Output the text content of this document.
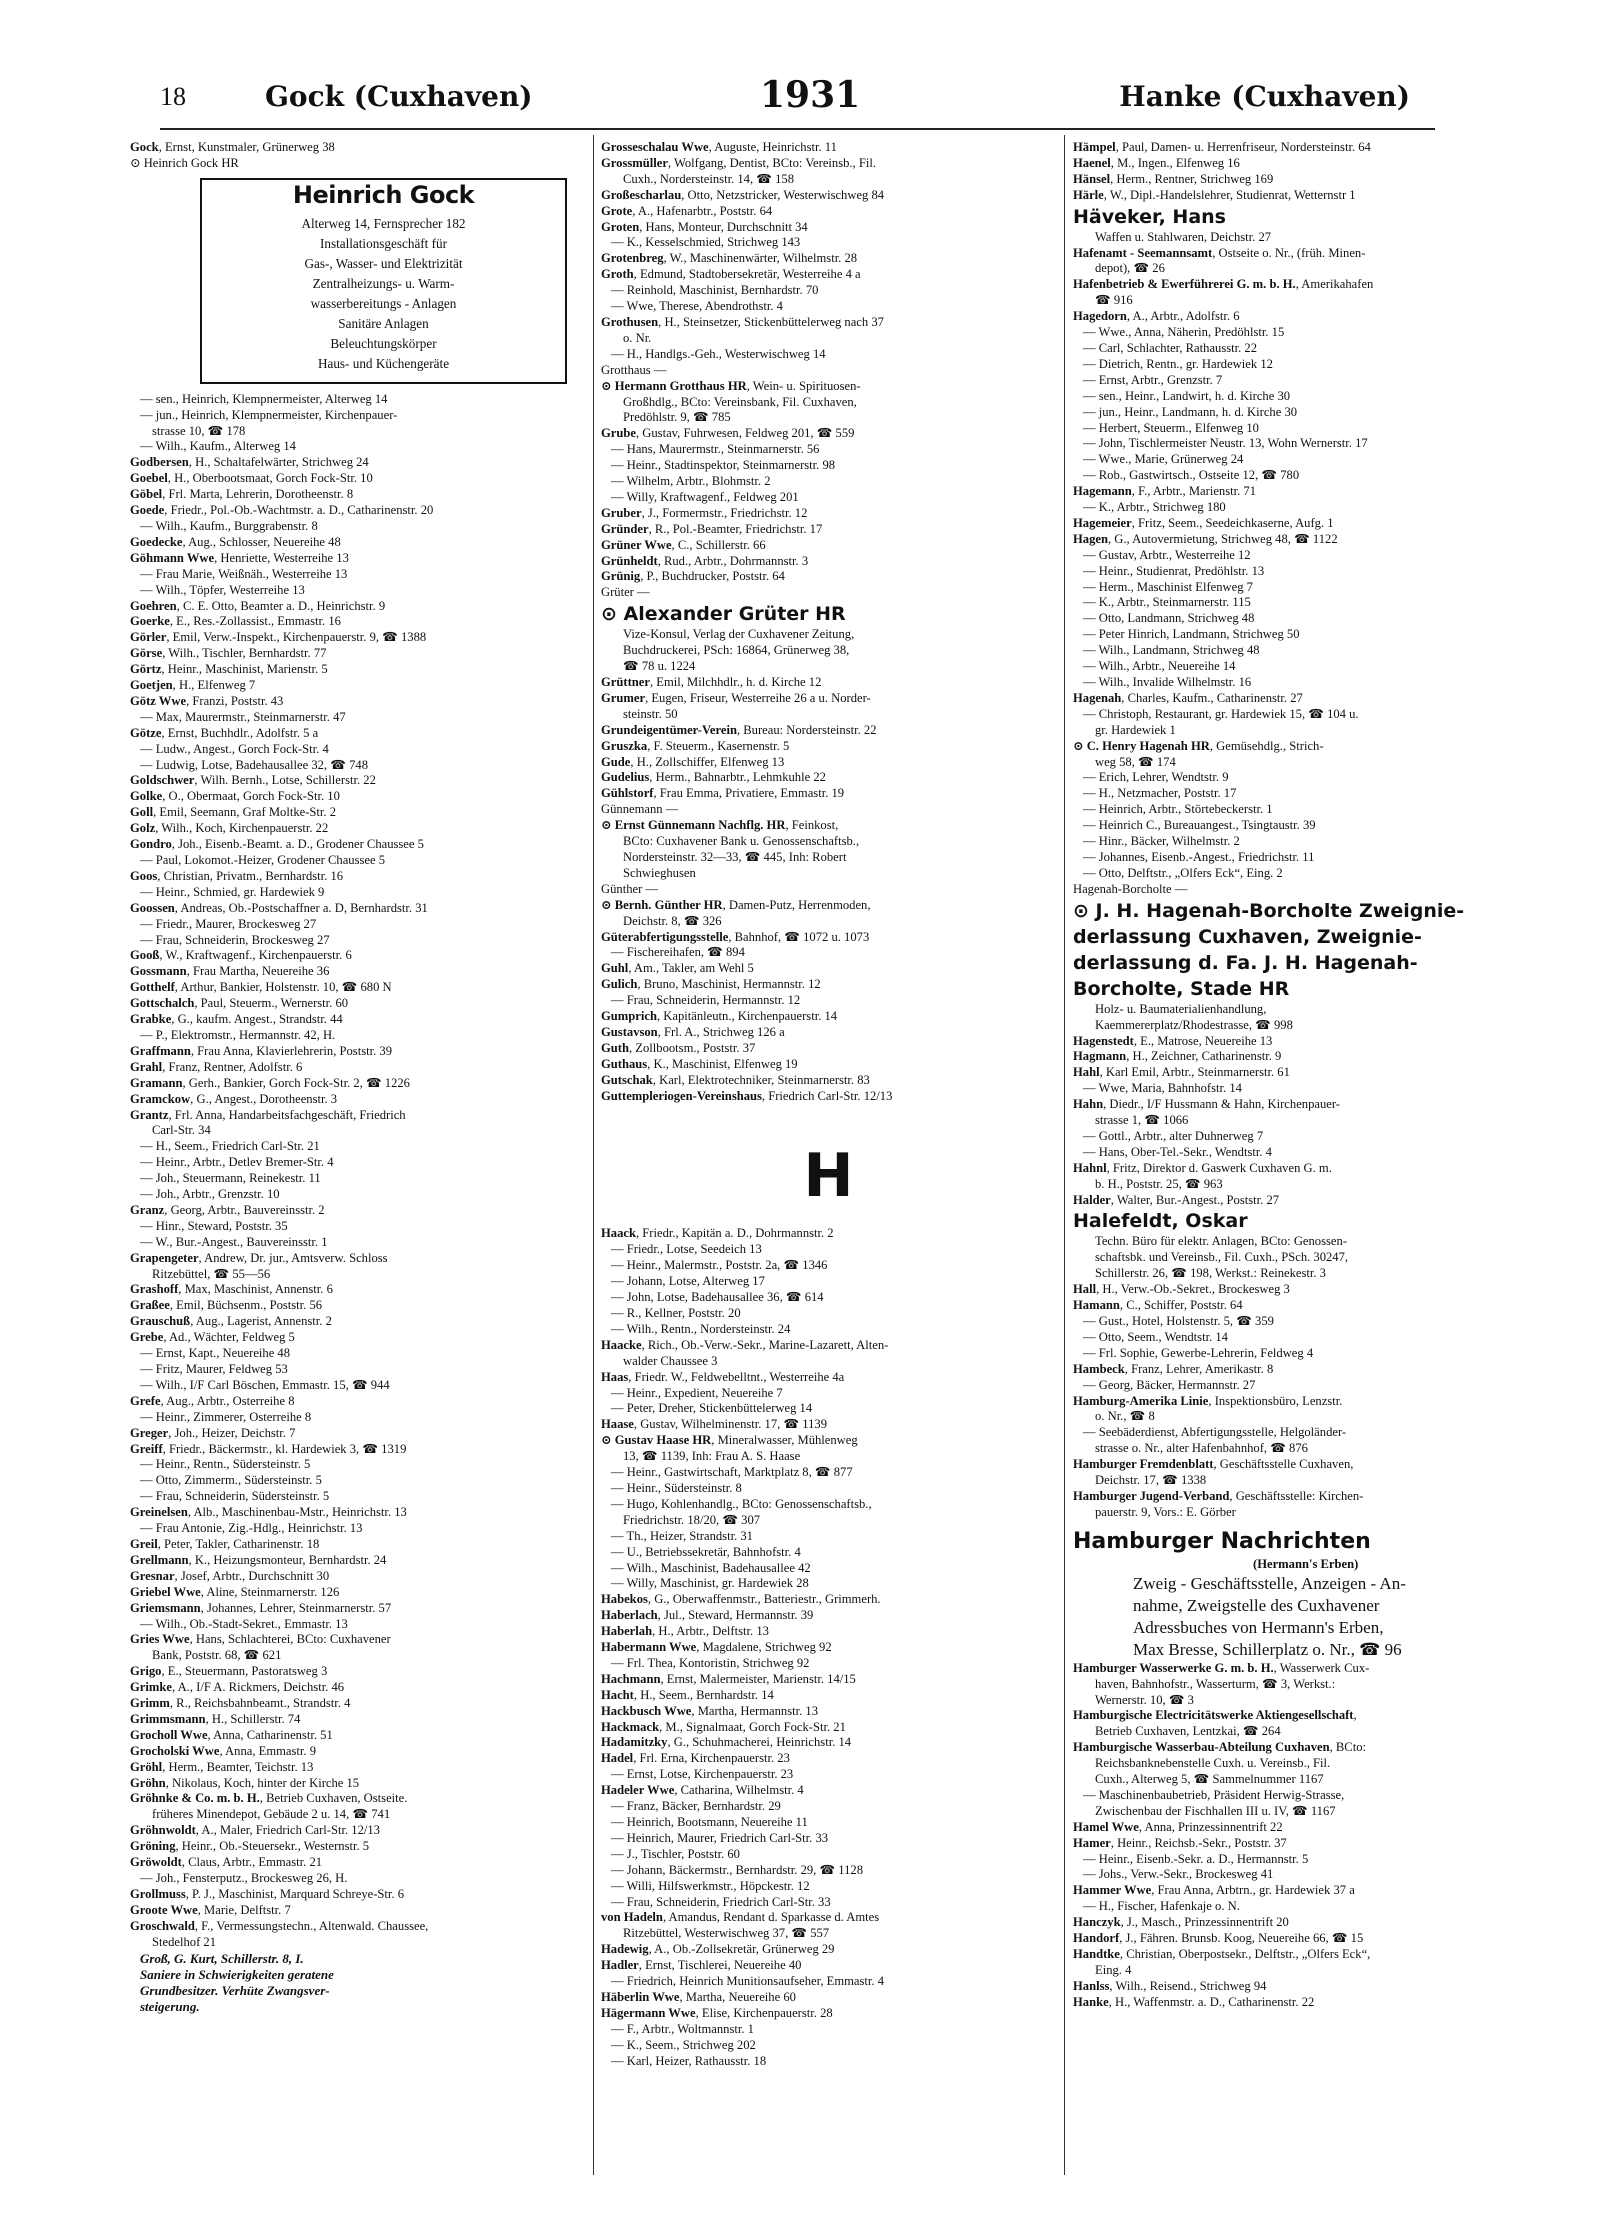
18	Gock (Cuxhaven)	1931	Hanke (Cuxhaven)
Gock, Ernst, Kunstmaler, Grünerweg 38
⊙ Heinrich Gock HR
Heinrich Gock
Alterweg 14, Fernsprecher 182
Installationsgeschäft für
Gas-, Wasser- und Elektrizität
Zentralheizungs- u. Warm-
wasserbereitungs - Anlagen
Sanitäre Anlagen
Beleuchtungskörper
Haus- und Küchengeräte
— sen., Heinrich, Klempnermeister, Alterweg 14
— jun., Heinrich, Klempnermeister, Kirchenpauer-
strasse 10, ☎ 178
— Wilh., Kaufm., Alterweg 14
Godbersen, H., Schaltafelwärter, Strichweg 24
Goebel, H., Oberbootsmaat, Gorch Fock-Str. 10
Göbel, Frl. Marta, Lehrerin, Dorotheenstr. 8
Goede, Friedr., Pol.-Ob.-Wachtmstr. a. D., Catharinenstr. 20
— Wilh., Kaufm., Burggrabenstr. 8
Goedecke, Aug., Schlosser, Neuereihe 48
Göhmann Wwe, Henriette, Westerreihe 13
— Frau Marie, Weißnäh., Westerreihe 13
— Wilh., Töpfer, Westerreihe 13
Goehren, C. E. Otto, Beamter a. D., Heinrichstr. 9
Goerke, E., Res.-Zollassist., Emmastr. 16
Görler, Emil, Verw.-Inspekt., Kirchenpauerstr. 9, ☎ 1388
Görse, Wilh., Tischler, Bernhardstr. 77
Görtz, Heinr., Maschinist, Marienstr. 5
Goetjen, H., Elfenweg 7
Götz Wwe, Franzi, Poststr. 43
— Max, Maurermstr., Steinmarnerstr. 47
Götze, Ernst, Buchhdlr., Adolfstr. 5 a
— Ludw., Angest., Gorch Fock-Str. 4
— Ludwig, Lotse, Badehausallee 32, ☎ 748
Goldschwer, Wilh. Bernh., Lotse, Schillerstr. 22
Golke, O., Obermaat, Gorch Fock-Str. 10
Goll, Emil, Seemann, Graf Moltke-Str. 2
Golz, Wilh., Koch, Kirchenpauerstr. 22
Gondro, Joh., Eisenb.-Beamt. a. D., Grodener Chaussee 5
— Paul, Lokomot.-Heizer, Grodener Chaussee 5
Goos, Christian, Privatm., Bernhardstr. 16
— Heinr., Schmied, gr. Hardewiek 9
Goossen, Andreas, Ob.-Postschaffner a. D, Bernhardstr. 31
— Friedr., Maurer, Brockesweg 27
— Frau, Schneiderin, Brockesweg 27
Gooß, W., Kraftwagenf., Kirchenpauerstr. 6
Gossmann, Frau Martha, Neuereihe 36
Gotthelf, Arthur, Bankier, Holstenstr. 10, ☎ 680 N
Gottschalch, Paul, Steuerm., Wernerstr. 60
Grabke, G., kaufm. Angest., Strandstr. 44
— P., Elektromstr., Hermannstr. 42, H.
Graffmann, Frau Anna, Klavierlehrerin, Poststr. 39
Grahl, Franz, Rentner, Adolfstr. 6
Gramann, Gerh., Bankier, Gorch Fock-Str. 2, ☎ 1226
Gramckow, G., Angest., Dorotheenstr. 3
Grantz, Frl. Anna, Handarbeitsfachgeschäft, Friedrich
Carl-Str. 34
— H., Seem., Friedrich Carl-Str. 21
— Heinr., Arbtr., Detlev Bremer-Str. 4
— Joh., Steuermann, Reinekestr. 11
— Joh., Arbtr., Grenzstr. 10
Granz, Georg, Arbtr., Bauvereinsstr. 2
— Hinr., Steward, Poststr. 35
— W., Bur.-Angest., Bauvereinsstr. 1
Grapengeter, Andrew, Dr. jur., Amtsverw. Schloss
Ritzebüttel, ☎ 55—56
Grashoff, Max, Maschinist, Annenstr. 6
Graßee, Emil, Büchsenm., Poststr. 56
Grauschuß, Aug., Lagerist, Annenstr. 2
Grebe, Ad., Wächter, Feldweg 5
— Ernst, Kapt., Neuereihe 48
— Fritz, Maurer, Feldweg 53
— Wilh., I/F Carl Böschen, Emmastr. 15, ☎ 944
Grefe, Aug., Arbtr., Osterreihe 8
— Heinr., Zimmerer, Osterreihe 8
Greger, Joh., Heizer, Deichstr. 7
Greiff, Friedr., Bäckermstr., kl. Hardewiek 3, ☎ 1319
— Heinr., Rentn., Südersteinstr. 5
— Otto, Zimmerm., Südersteinstr. 5
— Frau, Schneiderin, Südersteinstr. 5
Greinelsen, Alb., Maschinenbau-Mstr., Heinrichstr. 13
— Frau Antonie, Zig.-Hdlg., Heinrichstr. 13
Greil, Peter, Takler, Catharinenstr. 18
Grellmann, K., Heizungsmonteur, Bernhardstr. 24
Gresnar, Josef, Arbtr., Durchschnitt 30
Griebel Wwe, Aline, Steinmarnerstr. 126
Griemsmann, Johannes, Lehrer, Steinmarnerstr. 57
— Wilh., Ob.-Stadt-Sekret., Emmastr. 13
Gries Wwe, Hans, Schlachterei, BCto: Cuxhavener
Bank, Poststr. 68, ☎ 621
Grigo, E., Steuermann, Pastoratsweg 3
Grimke, A., I/F A. Rickmers, Deichstr. 46
Grimm, R., Reichsbahnbeamt., Strandstr. 4
Grimmsmann, H., Schillerstr. 74
Grocholl Wwe, Anna, Catharinenstr. 51
Grocholski Wwe, Anna, Emmastr. 9
Gröhl, Herm., Beamter, Teichstr. 13
Gröhn, Nikolaus, Koch, hinter der Kirche 15
Gröhnke & Co. m. b. H., Betrieb Cuxhaven, Ostseite.
früheres Minendepot, Gebäude 2 u. 14, ☎ 741
Gröhnwoldt, A., Maler, Friedrich Carl-Str. 12/13
Gröning, Heinr., Ob.-Steuersekr., Westernstr. 5
Gröwoldt, Claus, Arbtr., Emmastr. 21
— Joh., Fensterputz., Brockesweg 26, H.
Grollmuss, P. J., Maschinist, Marquard Schreye-Str. 6
Groote Wwe, Marie, Delftstr. 7
Groschwald, F., Vermessungstechn., Altenwald. Chaussee,
Stedelhof 21
Groß, G. Kurt, Schillerstr. 8, I.
Saniere in Schwierigkeiten geratene
Grundbesitzer. Verhüte Zwangsver-
steigerung.
Grosseschalau Wwe, Auguste, Heinrichstr. 11
Grossmüller, Wolfgang, Dentist, BCto: Vereinsb., Fil.
Cuxh., Nordersteinstr. 14, ☎ 158
Großescharlau, Otto, Netzstricker, Westerwischweg 84
Grote, A., Hafenarbtr., Poststr. 64
Groten, Hans, Monteur, Durchschnitt 34
— K., Kesselschmied, Strichweg 143
Grotenbreg, W., Maschinenwärter, Wilhelmstr. 28
Groth, Edmund, Stadtobersekretär, Westerreihe 4 a
— Reinhold, Maschinist, Bernhardstr. 70
— Wwe, Therese, Abendrothstr. 4
Grothusen, H., Steinsetzer, Stickenbüttelerweg nach 37
o. Nr.
— H., Handlgs.-Geh., Westerwischweg 14
Grotthaus —
⊙ Hermann Grotthaus HR, Wein- u. Spirituosen-
Großhdlg., BCto: Vereinsbank, Fil. Cuxhaven,
Predöhlstr. 9, ☎ 785
Grube, Gustav, Fuhrwesen, Feldweg 201, ☎ 559
— Hans, Maurermstr., Steinmarnerstr. 56
— Heinr., Stadtinspektor, Steinmarnerstr. 98
— Wilhelm, Arbtr., Blohmstr. 2
— Willy, Kraftwagenf., Feldweg 201
Gruber, J., Formermstr., Friedrichstr. 12
Gründer, R., Pol.-Beamter, Friedrichstr. 17
Grüner Wwe, C., Schillerstr. 66
Grünheldt, Rud., Arbtr., Dohrmannstr. 3
Grünig, P., Buchdrucker, Poststr. 64
Grüter —
⊙ Alexander Grüter HR
Vize-Konsul, Verlag der Cuxhavener Zeitung,
Buchdruckerei, PSch: 16864, Grünerweg 38,
☎ 78 u. 1224
Grüttner, Emil, Milchhdlr., h. d. Kirche 12
Grumer, Eugen, Friseur, Westerreihe 26 a u. Norder-
steinstr. 50
Grundeigentümer-Verein, Bureau: Nordersteinstr. 22
Gruszka, F. Steuerm., Kasernenstr. 5
Gude, H., Zollschiffer, Elfenweg 13
Gudelius, Herm., Bahnarbtr., Lehmkuhle 22
Gühlstorf, Frau Emma, Privatiere, Emmastr. 19
Günnemann —
⊙ Ernst Günnemann Nachflg. HR, Feinkost,
BCto: Cuxhavener Bank u. Genossenschaftsb.,
Nordersteinstr. 32—33, ☎ 445, Inh: Robert
Schwieghusen
Günther —
⊙ Bernh. Günther HR, Damen-Putz, Herrenmoden,
Deichstr. 8, ☎ 326
Güterabfertigungsstelle, Bahnhof, ☎ 1072 u. 1073
— Fischereihafen, ☎ 894
Guhl, Am., Takler, am Wehl 5
Gulich, Bruno, Maschinist, Hermannstr. 12
— Frau, Schneiderin, Hermannstr. 12
Gumprich, Kapitänleutn., Kirchenpauerstr. 14
Gustavson, Frl. A., Strichweg 126 a
Guth, Zollbootsm., Poststr. 37
Guthaus, K., Maschinist, Elfenweg 19
Gutschak, Karl, Elektrotechniker, Steinmarnerstr. 83
Guttempleriogen-Vereinshaus, Friedrich Carl-Str. 12/13
H
Haack, Friedr., Kapitän a. D., Dohrmannstr. 2
— Friedr., Lotse, Seedeich 13
— Heinr., Malermstr., Poststr. 2a, ☎ 1346
— Johann, Lotse, Alterweg 17
— John, Lotse, Badehausallee 36, ☎ 614
— R., Kellner, Poststr. 20
— Wilh., Rentn., Nordersteinstr. 24
Haacke, Rich., Ob.-Verw.-Sekr., Marine-Lazarett, Alten-
walder Chaussee 3
Haas, Friedr. W., Feldwebelltnt., Westerreihe 4a
— Heinr., Expedient, Neuereihe 7
— Peter, Dreher, Stickenbüttelerweg 14
Haase, Gustav, Wilhelminenstr. 17, ☎ 1139
⊙ Gustav Haase HR, Mineralwasser, Mühlenweg
13, ☎ 1139, Inh: Frau A. S. Haase
— Heinr., Gastwirtschaft, Marktplatz 8, ☎ 877
— Heinr., Südersteinstr. 8
— Hugo, Kohlenhandlg., BCto: Genossenschaftsb.,
Friedrichstr. 18/20, ☎ 307
— Th., Heizer, Strandstr. 31
— U., Betriebssekretär, Bahnhofstr. 4
— Wilh., Maschinist, Badehausallee 42
— Willy, Maschinist, gr. Hardewiek 28
Habekos, G., Oberwaffenmstr., Batteriestr., Grimmerh.
Haberlach, Jul., Steward, Hermannstr. 39
Haberlah, H., Arbtr., Delftstr. 13
Habermann Wwe, Magdalene, Strichweg 92
— Frl. Thea, Kontoristin, Strichweg 92
Hachmann, Ernst, Malermeister, Marienstr. 14/15
Hacht, H., Seem., Bernhardstr. 14
Hackbusch Wwe, Martha, Hermannstr. 13
Hackmack, M., Signalmaat, Gorch Fock-Str. 21
Hadamitzky, G., Schuhmacherei, Heinrichstr. 14
Hadel, Frl. Erna, Kirchenpauerstr. 23
— Ernst, Lotse, Kirchenpauerstr. 23
Hadeler Wwe, Catharina, Wilhelmstr. 4
— Franz, Bäcker, Bernhardstr. 29
— Heinrich, Bootsmann, Neuereihe 11
— Heinrich, Maurer, Friedrich Carl-Str. 33
— J., Tischler, Poststr. 60
— Johann, Bäckermstr., Bernhardstr. 29, ☎ 1128
— Willi, Hilfswerkmstr., Höpckestr. 12
— Frau, Schneiderin, Friedrich Carl-Str. 33
von Hadeln, Amandus, Rendant d. Sparkasse d. Amtes
Ritzebüttel, Westerwischweg 37, ☎ 557
Hadewig, A., Ob.-Zollsekretär, Grünerweg 29
Hadler, Ernst, Tischlerei, Neuereihe 40
— Friedrich, Heinrich Munitionsaufseher, Emmastr. 4
Häberlin Wwe, Martha, Neuereihe 60
Hägermann Wwe, Elise, Kirchenpauerstr. 28
— F., Arbtr., Woltmannstr. 1
— K., Seem., Strichweg 202
— Karl, Heizer, Rathausstr. 18
Hämpel, Paul, Damen- u. Herrenfriseur, Nordersteinstr. 64
Haenel, M., Ingen., Elfenweg 16
Hänsel, Herm., Rentner, Strichweg 169
Härle, W., Dipl.-Handelslehrer, Studienrat, Wetternstr 1
Häveker, Hans
Waffen u. Stahlwaren, Deichstr. 27
Hafenamt - Seemannsamt, Ostseite o. Nr., (früh. Minen-
depot), ☎ 26
Hafenbetrieb & Ewerführerei G. m. b. H., Amerikahafen
☎ 916
Hagedorn, A., Arbtr., Adolfstr. 6
— Wwe., Anna, Näherin, Predöhlstr. 15
— Carl, Schlachter, Rathausstr. 22
— Dietrich, Rentn., gr. Hardewiek 12
— Ernst, Arbtr., Grenzstr. 7
— sen., Heinr., Landwirt, h. d. Kirche 30
— jun., Heinr., Landmann, h. d. Kirche 30
— Herbert, Steuerm., Elfenweg 10
— John, Tischlermeister Neustr. 13, Wohn Wernerstr. 17
— Wwe., Marie, Grünerweg 24
— Rob., Gastwirtsch., Ostseite 12, ☎ 780
Hagemann, F., Arbtr., Marienstr. 71
— K., Arbtr., Strichweg 180
Hagemeier, Fritz, Seem., Seedeichkaserne, Aufg. 1
Hagen, G., Autovermietung, Strichweg 48, ☎ 1122
— Gustav, Arbtr., Westerreihe 12
— Heinr., Studienrat, Predöhlstr. 13
— Herm., Maschinist Elfenweg 7
— K., Arbtr., Steinmarnerstr. 115
— Otto, Landmann, Strichweg 48
— Peter Hinrich, Landmann, Strichweg 50
— Wilh., Landmann, Strichweg 48
— Wilh., Arbtr., Neuereihe 14
— Wilh., Invalide Wilhelmstr. 16
Hagenah, Charles, Kaufm., Catharinenstr. 27
— Christoph, Restaurant, gr. Hardewiek 15, ☎ 104 u.
gr. Hardewiek 1
⊙ C. Henry Hagenah HR, Gemüsehdlg., Strich-
weg 58, ☎ 174
— Erich, Lehrer, Wendtstr. 9
— H., Netzmacher, Poststr. 17
— Heinrich, Arbtr., Störtebeckerstr. 1
— Heinrich C., Bureauangest., Tsingtaustr. 39
— Hinr., Bäcker, Wilhelmstr. 2
— Johannes, Eisenb.-Angest., Friedrichstr. 11
— Otto, Delftstr., „Olfers Eck“, Eing. 2
Hagenah-Borcholte —
⊙ J. H. Hagenah-Borcholte Zweignie-
derlassung Cuxhaven, Zweignie-
derlassung d. Fa. J. H. Hagenah-
Borcholte, Stade HR
Holz- u. Baumaterialienhandlung,
Kaemmererplatz/Rhodestrasse, ☎ 998
Hagenstedt, E., Matrose, Neuereihe 13
Hagmann, H., Zeichner, Catharinenstr. 9
Hahl, Karl Emil, Arbtr., Steinmarnerstr. 61
— Wwe, Maria, Bahnhofstr. 14
Hahn, Diedr., I/F Hussmann & Hahn, Kirchenpauer-
strasse 1, ☎ 1066
— Gottl., Arbtr., alter Duhnerweg 7
— Hans, Ober-Tel.-Sekr., Wendtstr. 4
Hahnl, Fritz, Direktor d. Gaswerk Cuxhaven G. m.
b. H., Poststr. 25, ☎ 963
Halder, Walter, Bur.-Angest., Poststr. 27
Halefeldt, Oskar
Techn. Büro für elektr. Anlagen, BCto: Genossen-
schaftsbk. und Vereinsb., Fil. Cuxh., PSch. 30247,
Schillerstr. 26, ☎ 198, Werkst.: Reinekestr. 3
Hall, H., Verw.-Ob.-Sekret., Brockesweg 3
Hamann, C., Schiffer, Poststr. 64
— Gust., Hotel, Holstenstr. 5, ☎ 359
— Otto, Seem., Wendtstr. 14
— Frl. Sophie, Gewerbe-Lehrerin, Feldweg 4
Hambeck, Franz, Lehrer, Amerikastr. 8
— Georg, Bäcker, Hermannstr. 27
Hamburg-Amerika Linie, Inspektionsbüro, Lenzstr.
o. Nr., ☎ 8
— Seebäderdienst, Abfertigungsstelle, Helgoländer-
strasse o. Nr., alter Hafenbahnhof, ☎ 876
Hamburger Fremdenblatt, Geschäftsstelle Cuxhaven,
Deichstr. 17, ☎ 1338
Hamburger Jugend-Verband, Geschäftsstelle: Kirchen-
pauerstr. 9, Vors.: E. Görber
Hamburger Nachrichten
(Hermann's Erben)
Zweig - Geschäftsstelle, Anzeigen - An-
nahme, Zweigstelle des Cuxhavener
Adressbuches von Hermann's Erben,
Max Bresse, Schillerplatz o. Nr., ☎ 96
Hamburger Wasserwerke G. m. b. H., Wasserwerk Cux-
haven, Bahnhofstr., Wasserturm, ☎ 3, Werkst.:
Wernerstr. 10, ☎ 3
Hamburgische Electricitätswerke Aktiengesellschaft,
Betrieb Cuxhaven, Lentzkai, ☎ 264
Hamburgische Wasserbau-Abteilung Cuxhaven, BCto:
Reichsbanknebenstelle Cuxh. u. Vereinsb., Fil.
Cuxh., Alterweg 5, ☎ Sammelnummer 1167
— Maschinenbaubetrieb, Präsident Herwig-Strasse,
Zwischenbau der Fischhallen III u. IV, ☎ 1167
Hamel Wwe, Anna, Prinzessinnentrift 22
Hamer, Heinr., Reichsb.-Sekr., Poststr. 37
— Heinr., Eisenb.-Sekr. a. D., Hermannstr. 5
— Johs., Verw.-Sekr., Brockesweg 41
Hammer Wwe, Frau Anna, Arbtrn., gr. Hardewiek 37 a
— H., Fischer, Hafenkaje o. N.
Hanczyk, J., Masch., Prinzessinnentrift 20
Handorf, J., Fähren. Brunsb. Koog, Neuereihe 66, ☎ 15
Handtke, Christian, Oberpostsekr., Delftstr., „Olfers Eck“,
Eing. 4
Hanlss, Wilh., Reisend., Strichweg 94
Hanke, H., Waffenmstr. a. D., Catharinenstr. 22
